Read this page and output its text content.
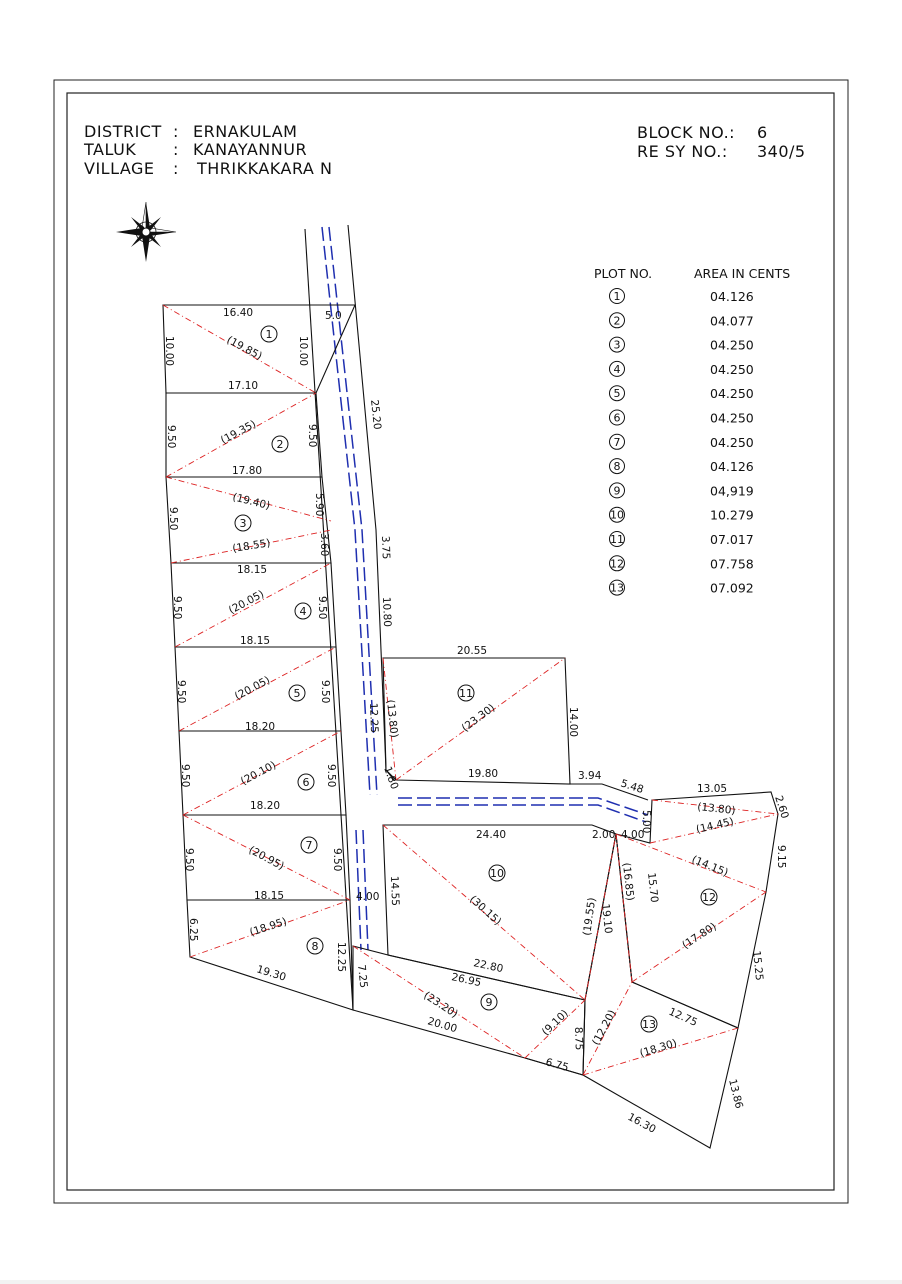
DISTRICT : ERNAKULAM
TALUK : KANAYANNUR
VILLAGE : THRIKKAKARA N
BLOCK NO.: 6
RE SY NO.: 340/5
PLOT NO.	AREA IN CENTS
1	04.126
2	04.077
3	04.250
4	04.250
5	04.250
6	04.250
7	04.250
8	04.126
9	04,919
10	10.279
11	07.017
12	07.758
13	07.092
1
2
3
4
5
6
7
8
9
10
11
12
13
16.40	5.0
10.00	10.00
(19.85)
17.10
9.50	9.50
(19.35)
17.80
9.50
5.90
3.60
(19.40)
(18.55)
18.15
9.50	9.50
(20.05)
18.15
9.50	9.50
(20.05)
18.20
9.50	9.50
(20.10)
18.20
9.50	9.50
(20.95)
18.15	4.00
6.25
12.25
(18.95)
19.30
25.20
3.75
10.80
20.55
14.00
(13.80)
12.25
1.80	19.80
(23.30)
3.94
5.48
5.00
4.00
2.00
24.40
14.55
22.80
(30.15)	(19.55) 19.10
26.95
20.00
7.25
8.75
(23.20)
(9.10)
6.75
13.05
2.60
(13.80)
(14.45)
(14.15)
(17.80)
9.15
15.70
(16.85)
15.25
12.75
(12.20)
(18.30)
13.86
16.30
